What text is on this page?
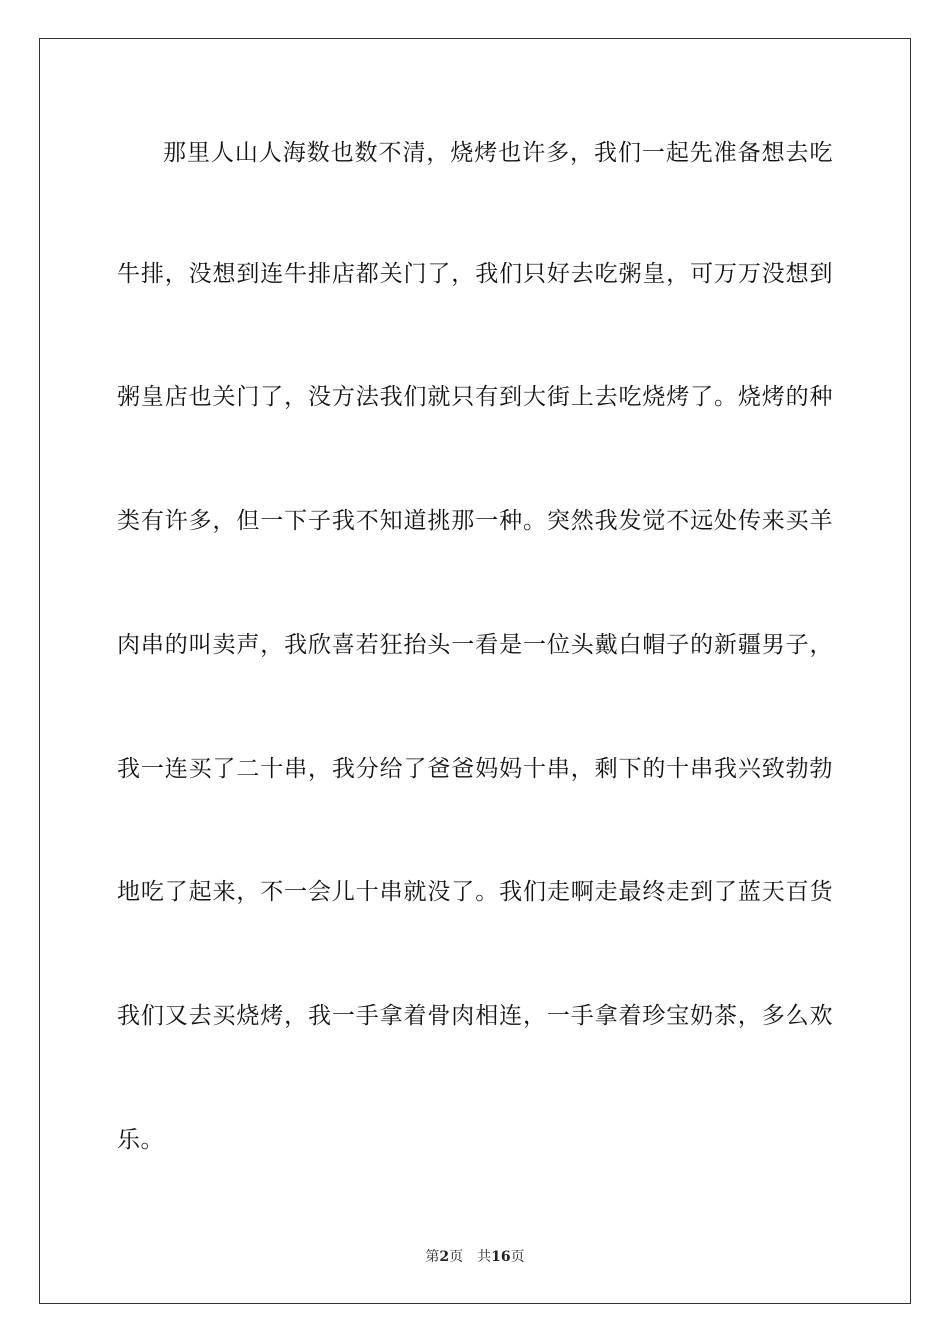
那里人山人海数也数不清，烧烤也许多，我们一起先准备想去吃
牛排，没想到连牛排店都关门了，我们只好去吃粥皇，可万万没想到
粥皇店也关门了，没方法我们就只有到大街上去吃烧烤了。烧烤的种
类有许多，但一下子我不知道挑那一种。突然我发觉不远处传来买羊
肉串的叫卖声，我欣喜若狂抬头一看是一位头戴白帽子的新疆男子，
我一连买了二十串，我分给了爸爸妈妈十串，剩下的十串我兴致勃勃
地吃了起来，不一会儿十串就没了。我们走啊走最终走到了蓝天百货
我们又去买烧烤，我一手拿着骨肉相连，一手拿着珍宝奶茶，多么欢
乐。
第2页 共16页
